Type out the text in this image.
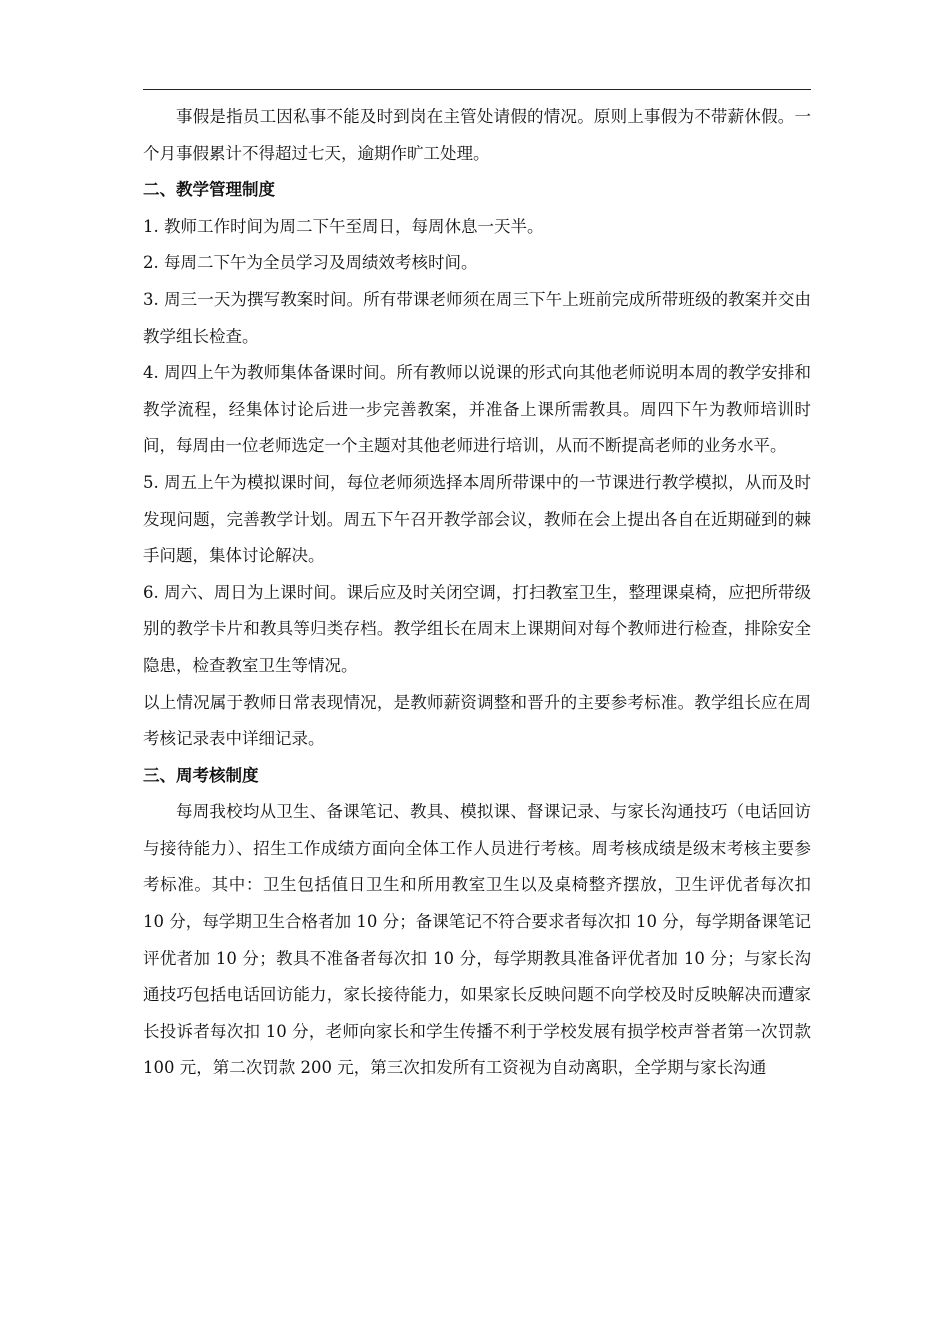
事假是指员工因私事不能及时到岗在主管处请假的情况。原则上事假为不带薪休假。一个月事假累计不得超过七天，逾期作旷工处理。

二、教学管理制度

1. 教师工作时间为周二下午至周日，每周休息一天半。

2. 每周二下午为全员学习及周绩效考核时间。

3. 周三一天为撰写教案时间。所有带课老师须在周三下午上班前完成所带班级的教案并交由教学组长检查。

4. 周四上午为教师集体备课时间。所有教师以说课的形式向其他老师说明本周的教学安排和教学流程，经集体讨论后进一步完善教案，并准备上课所需教具。周四下午为教师培训时间，每周由一位老师选定一个主题对其他老师进行培训，从而不断提高老师的业务水平。

5. 周五上午为模拟课时间，每位老师须选择本周所带课中的一节课进行教学模拟，从而及时发现问题，完善教学计划。周五下午召开教学部会议，教师在会上提出各自在近期碰到的棘手问题，集体讨论解决。

6. 周六、周日为上课时间。课后应及时关闭空调，打扫教室卫生，整理课桌椅，应把所带级别的教学卡片和教具等归类存档。教学组长在周末上课期间对每个教师进行检查，排除安全隐患，检查教室卫生等情况。

以上情况属于教师日常表现情况，是教师薪资调整和晋升的主要参考标准。教学组长应在周考核记录表中详细记录。

三、周考核制度

每周我校均从卫生、备课笔记、教具、模拟课、督课记录、与家长沟通技巧（电话回访与接待能力）、招生工作成绩方面向全体工作人员进行考核。周考核成绩是级末考核主要参考标准。其中：卫生包括值日卫生和所用教室卫生以及桌椅整齐摆放，卫生评优者每次扣 10 分，每学期卫生合格者加 10 分；备课笔记不符合要求者每次扣 10 分，每学期备课笔记评优者加 10 分；教具不准备者每次扣 10 分，每学期教具准备评优者加 10 分；与家长沟通技巧包括电话回访能力，家长接待能力，如果家长反映问题不向学校及时反映解决而遭家长投诉者每次扣 10 分，老师向家长和学生传播不利于学校发展有损学校声誉者第一次罚款 100 元，第二次罚款 200 元，第三次扣发所有工资视为自动离职，全学期与家长沟通
